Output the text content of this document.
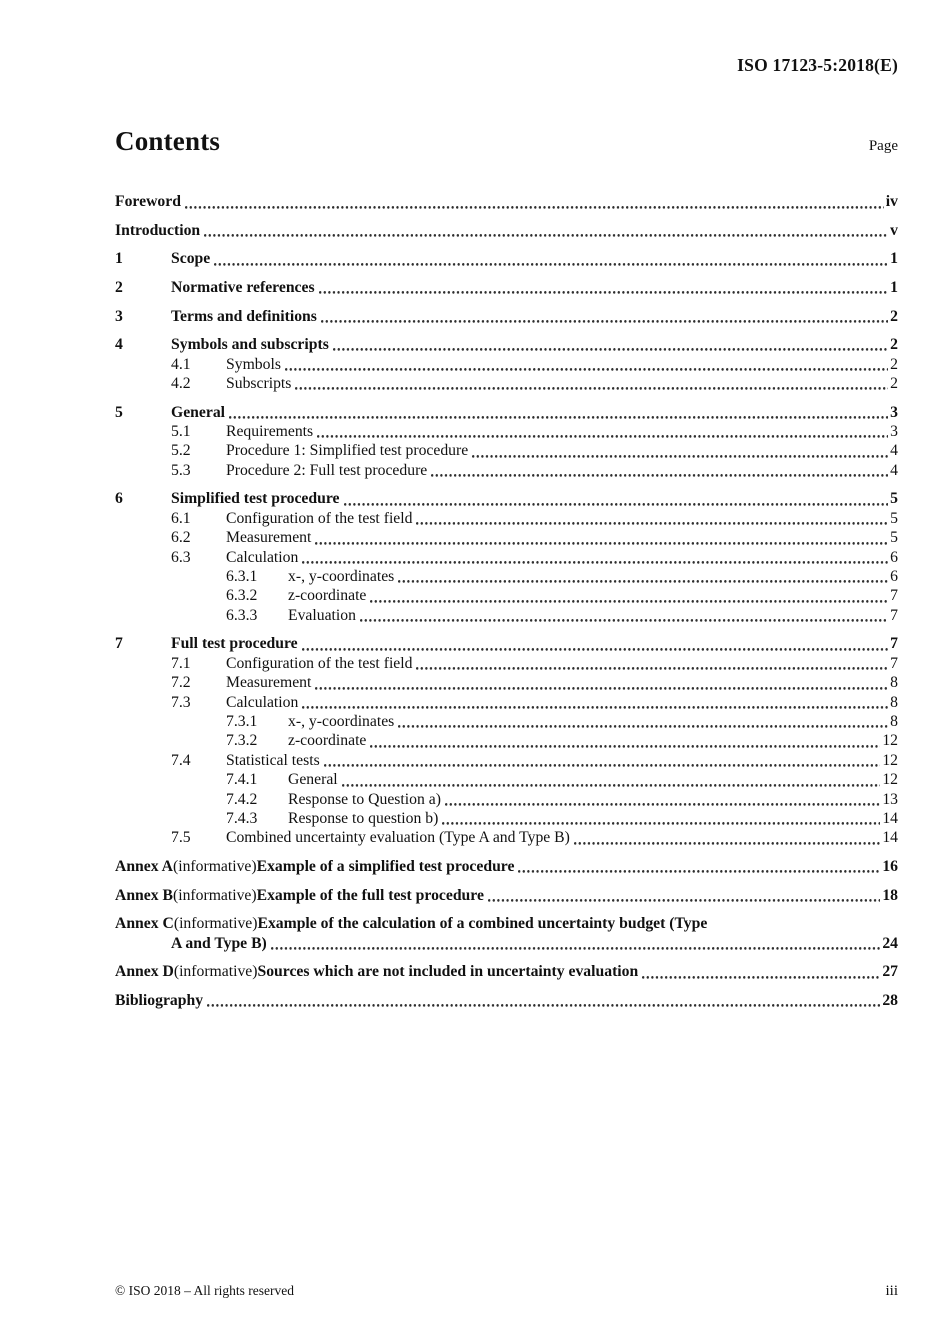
ISO 17123-5:2018(E)
Contents	Page
Foreword	iv
Introduction	v
1	Scope	1
2	Normative references	1
3	Terms and definitions	2
4	Symbols and subscripts	2
4.1	Symbols	2
4.2	Subscripts	2
5	General	3
5.1	Requirements	3
5.2	Procedure 1: Simplified test procedure	4
5.3	Procedure 2: Full test procedure	4
6	Simplified test procedure	5
6.1	Configuration of the test field	5
6.2	Measurement	5
6.3	Calculation	6
6.3.1	x-, y-coordinates	6
6.3.2	z-coordinate	7
6.3.3	Evaluation	7
7	Full test procedure	7
7.1	Configuration of the test field	7
7.2	Measurement	8
7.3	Calculation	8
7.3.1	x-, y-coordinates	8
7.3.2	z-coordinate	12
7.4	Statistical tests	12
7.4.1	General	12
7.4.2	Response to Question a)	13
7.4.3	Response to question b)	14
7.5	Combined uncertainty evaluation (Type A and Type B)	14
Annex A (informative) Example of a simplified test procedure	16
Annex B (informative) Example of the full test procedure	18
Annex C (informative) Example of the calculation of a combined uncertainty budget (Type
A and Type B)	24
Annex D (informative) Sources which are not included in uncertainty evaluation	27
Bibliography	28
© ISO 2018 – All rights reserved	iii
